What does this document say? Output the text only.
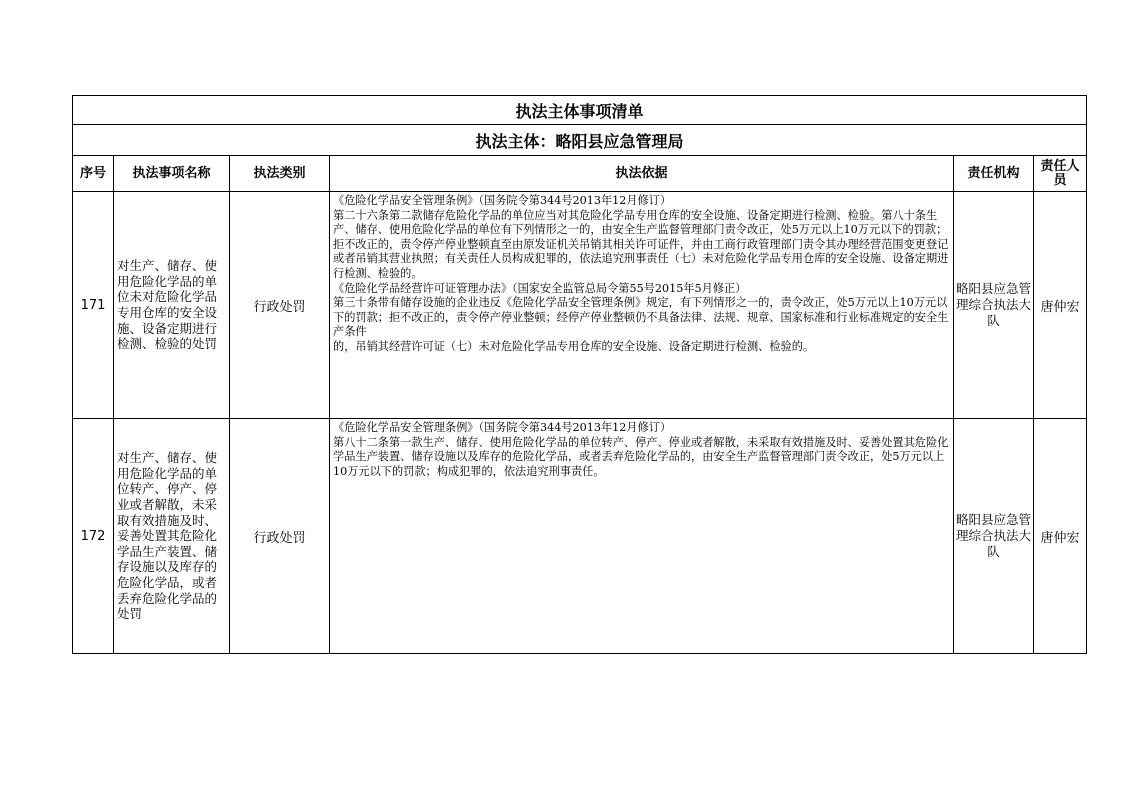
执法主体事项清单					
执法主体：略阳县应急管理局					
序号	执法事项名称	执法类别	执法依据	责任机构	责任人员
171	对生产、储存、使用危险化学品的单位未对危险化学品专用仓库的安全设施、设备定期进行检测、检验的处罚	行政处罚	《危险化学品安全管理条例》（国务院令第344号2013年12月修订）
第二十六条第二款储存危险化学品的单位应当对其危险化学品专用仓库的安全设施、设备定期进行检测、检验。第八十条生产、储存、使用危险化学品的单位有下列情形之一的，由安全生产监督管理部门责令改正，处5万元以上10万元以下的罚款；拒不改正的，责令停产停业整顿直至由原发证机关吊销其相关许可证件，并由工商行政管理部门责令其办理经营范围变更登记或者吊销其营业执照；有关责任人员构成犯罪的，依法追究刑事责任（七）未对危险化学品专用仓库的安全设施、设备定期进行检测、检验的。
《危险化学品经营许可证管理办法》（国家安全监管总局令第55号2015年5月修正）
第三十条带有储存设施的企业违反《危险化学品安全管理条例》规定，有下列情形之一的，责令改正，处5万元以上10万元以下的罚款；拒不改正的，责令停产停业整顿；经停产停业整顿仍不具备法律、法规、规章、国家标准和行业标准规定的安全生产条件
的，吊销其经营许可证（七）未对危险化学品专用仓库的安全设施、设备定期进行检测、检验的。	略阳县应急管理综合执法大队	唐仲宏
172	对生产、储存、使用危险化学品的单位转产、停产、停业或者解散，未采取有效措施及时、妥善处置其危险化学品生产装置、储存设施以及库存的危险化学品，或者丢弃危险化学品的处罚	行政处罚	《危险化学品安全管理条例》（国务院令第344号2013年12月修订）
第八十二条第一款生产、储存、使用危险化学品的单位转产、停产、停业或者解散，未采取有效措施及时、妥善处置其危险化学品生产装置、储存设施以及库存的危险化学品，或者丢弃危险化学品的，由安全生产监督管理部门责令改正，处5万元以上10万元以下的罚款；构成犯罪的，依法追究刑事责任。	略阳县应急管理综合执法大队	唐仲宏
